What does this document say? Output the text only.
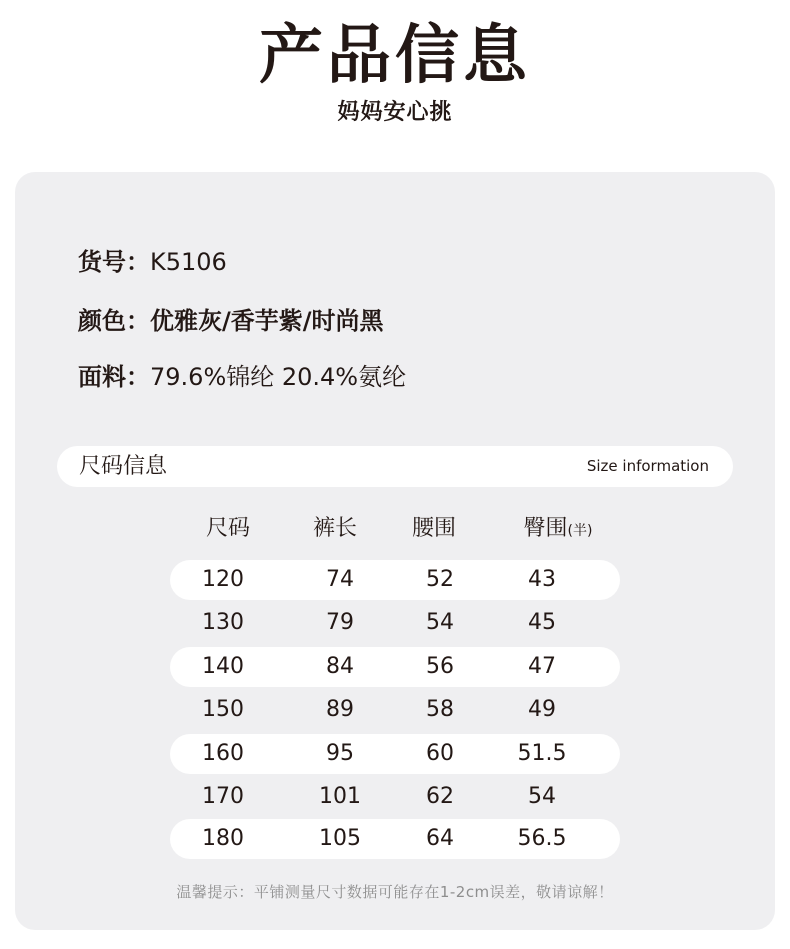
产品信息
妈妈安心挑
货号：K5106
颜色：优雅灰/香芋紫/时尚黑
面料：79.6%锦纶 20.4%氨纶
尺码信息	Size information
尺码	裤长 腰围	臀围(半)
120	74	52	43
130	79	54	45
140	84	56	47
150	89	58	49
160	95	60	51.5
170	101	62	54
180	105	64	56.5
温馨提示：平铺测量尺寸数据可能存在1-2cm误差，敬请谅解！
